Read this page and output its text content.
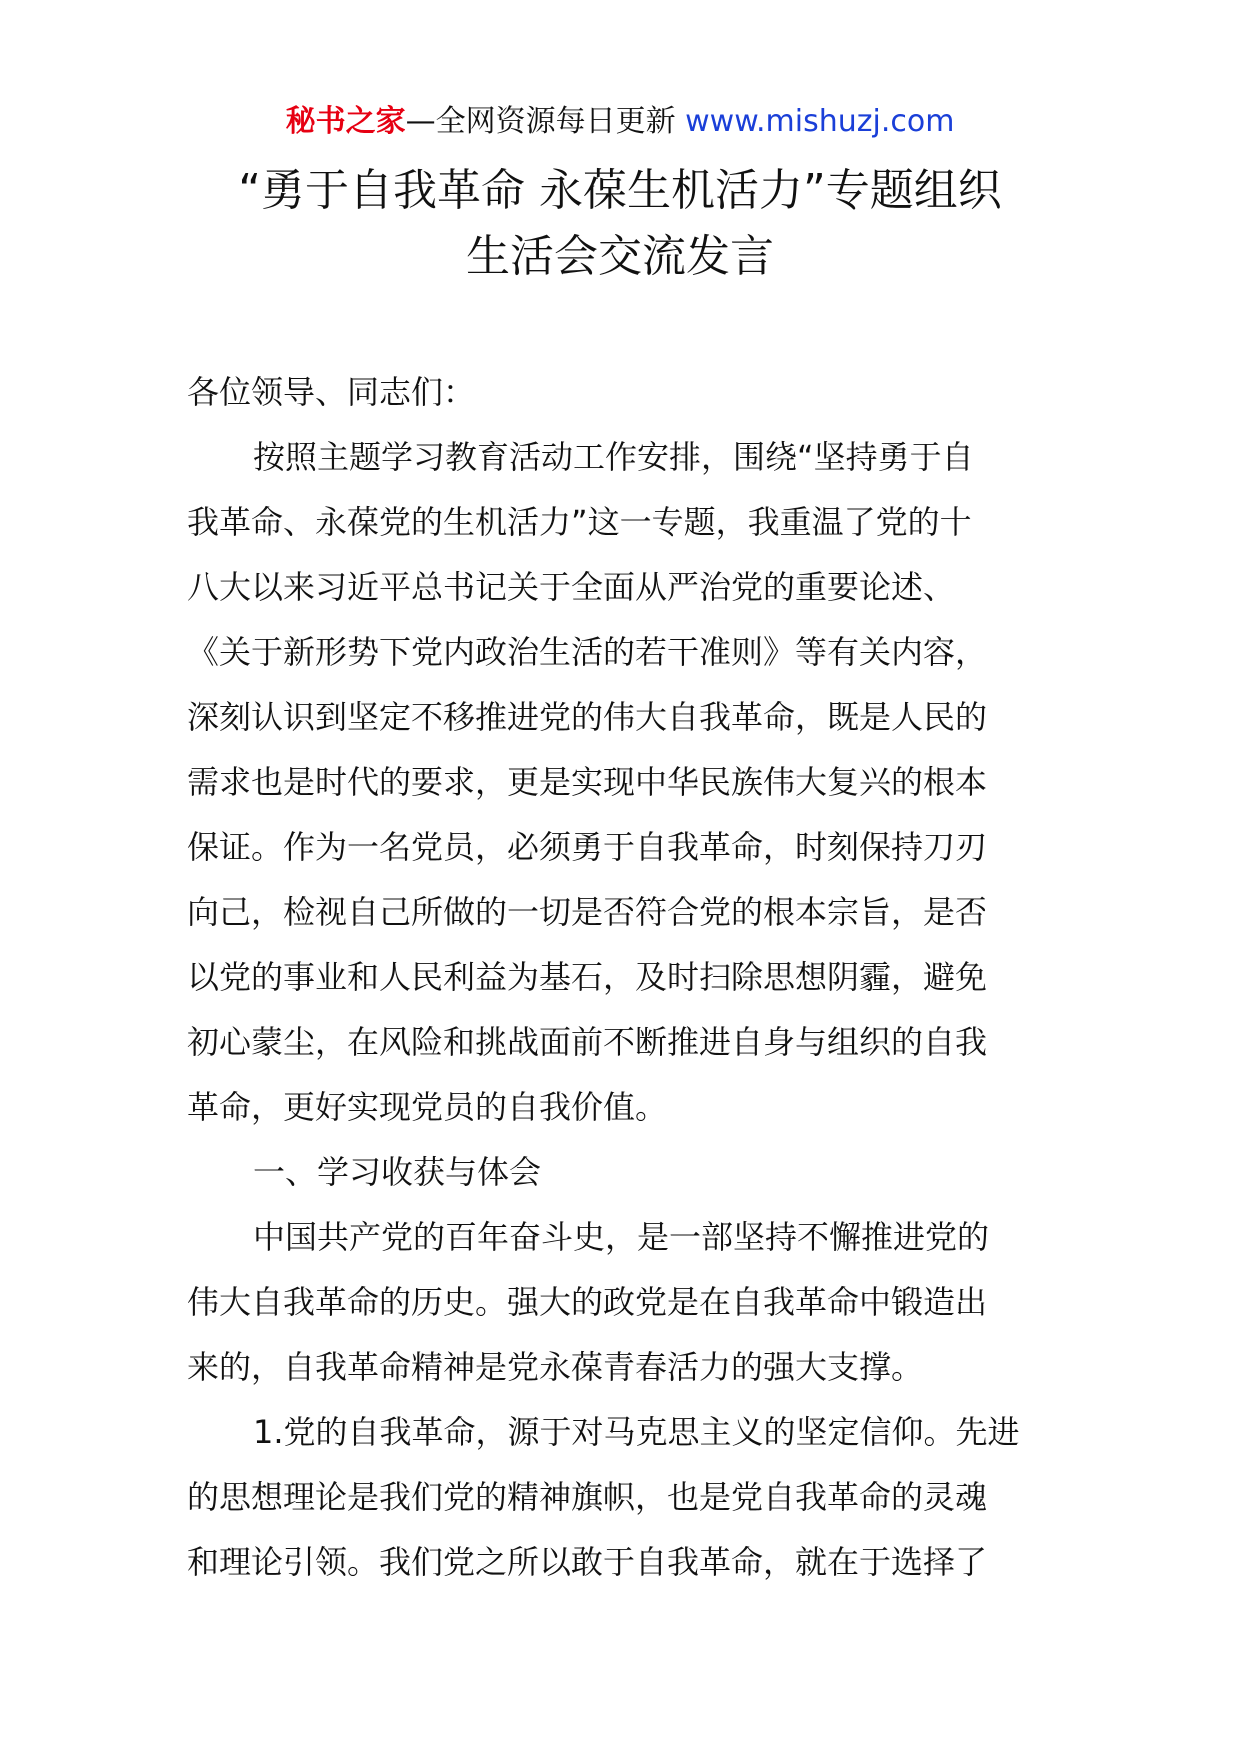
秘书之家—全网资源每日更新 www.mishuzj.com
“勇于自我革命 永葆生机活力”专题组织
生活会交流发言
各位领导、同志们：
按照主题学习教育活动工作安排，围绕“坚持勇于自
我革命、永葆党的生机活力”这一专题，我重温了党的十
八大以来习近平总书记关于全面从严治党的重要论述、
《关于新形势下党内政治生活的若干准则》等有关内容，
深刻认识到坚定不移推进党的伟大自我革命，既是人民的
需求也是时代的要求，更是实现中华民族伟大复兴的根本
保证。作为一名党员，必须勇于自我革命，时刻保持刀刃
向己，检视自己所做的一切是否符合党的根本宗旨，是否
以党的事业和人民利益为基石，及时扫除思想阴霾，避免
初心蒙尘，在风险和挑战面前不断推进自身与组织的自我
革命，更好实现党员的自我价值。
一、学习收获与体会
中国共产党的百年奋斗史，是一部坚持不懈推进党的
伟大自我革命的历史。强大的政党是在自我革命中锻造出
来的，自我革命精神是党永葆青春活力的强大支撑。
1.党的自我革命，源于对马克思主义的坚定信仰。先进
的思想理论是我们党的精神旗帜，也是党自我革命的灵魂
和理论引领。我们党之所以敢于自我革命，就在于选择了
